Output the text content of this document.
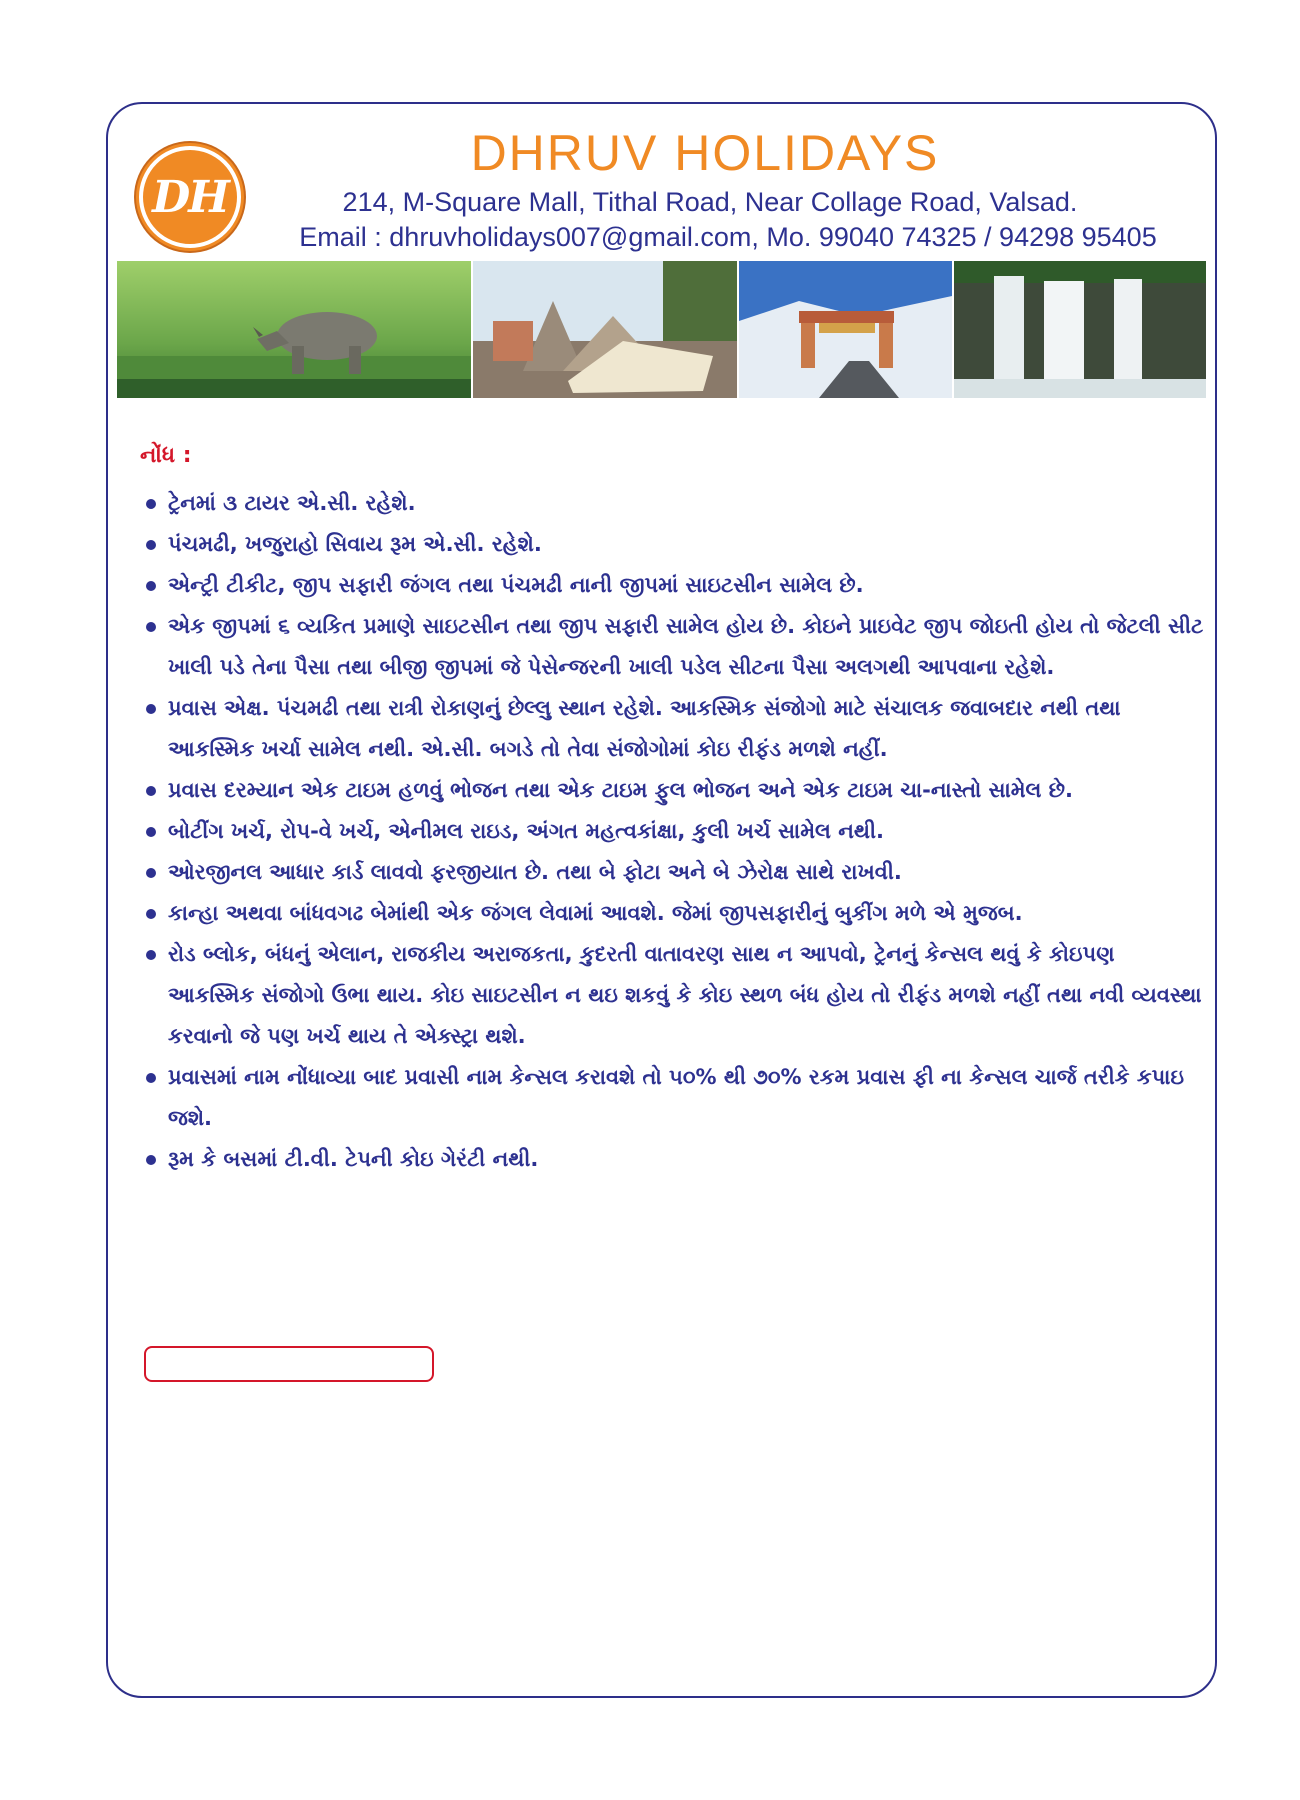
DH
DHRUV HOLIDAYS
214, M-Square Mall, Tithal Road, Near Collage Road, Valsad.
Email : dhruvholidays007@gmail.com, Mo. 99040 74325 / 94298 95405
નોંધ :
ટ્રેનમાં ૩ ટાયર એ.સી. રહેશે.
પંચમઢી, ખજુરાહો સિવાય રૂમ એ.સી. રહેશે.
એન્ટ્રી ટીકીટ, જીપ સફારી જંગલ તથા પંચમઢી નાની જીપમાં સાઇટસીન સામેલ છે.
એક જીપમાં ૬ વ્યકિત પ્રમાણે સાઇટસીન તથા જીપ સફારી સામેલ હોય છે. કોઇને પ્રાઇવેટ જીપ જોઇતી હોય તો જેટલી સીટ ખાલી પડે તેના પૈસા તથા બીજી જીપમાં જે પેસેન્જરની ખાલી પડેલ સીટના પૈસા અલગથી આપવાના રહેશે.
પ્રવાસ એક્ષ. પંચમઢી તથા રાત્રી રોકાણનું છેલ્લુ સ્થાન રહેશે. આકસ્મિક સંજોગો માટે સંચાલક જવાબદાર નથી તથા આકસ્મિક ખર્ચા સામેલ નથી. એ.સી. બગડે તો તેવા સંજોગોમાં કોઇ રીફંડ મળશે નહીં.
પ્રવાસ દરમ્યાન એક ટાઇમ હળવું ભોજન તથા એક ટાઇમ ફુલ ભોજન અને એક ટાઇમ ચા-નાસ્તો સામેલ છે.
બોટીંગ ખર્ચ, રોપ-વે ખર્ચ, એનીમલ રાઇડ, અંગત મહત્વકાંક્ષા, કુલી ખર્ચ સામેલ નથી.
ઓરજીનલ આધાર કાર્ડ લાવવો ફરજીયાત છે. તથા બે ફોટા અને બે ઝેરોક્ષ સાથે રાખવી.
કાન્હા અથવા બાંધવગઢ બેમાંથી એક જંગલ લેવામાં આવશે. જેમાં જીપસફારીનું બુકીંગ મળે એ મુજબ.
રોડ બ્લોક, બંધનું એલાન, રાજકીય અરાજકતા, કુદરતી વાતાવરણ સાથ ન આપવો, ટ્રેનનું કેન્સલ થવું કે કોઇપણ આકસ્મિક સંજોગો ઉભા થાય. કોઇ સાઇટસીન ન થઇ શકવું કે કોઇ સ્થળ બંધ હોય તો રીફંડ મળશે નહીં તથા નવી વ્યવસ્થા કરવાનો જે પણ ખર્ચ થાય તે એક્સ્ટ્રા થશે.
પ્રવાસમાં નામ નોંધાવ્યા બાદ પ્રવાસી નામ કેન્સલ કરાવશે તો ૫૦% થી ૭૦% રકમ પ્રવાસ ફી ના કેન્સલ ચાર્જ તરીકે કપાઇ જશે.
રૂમ કે બસમાં ટી.વી. ટેપની કોઇ ગેરંટી નથી.
